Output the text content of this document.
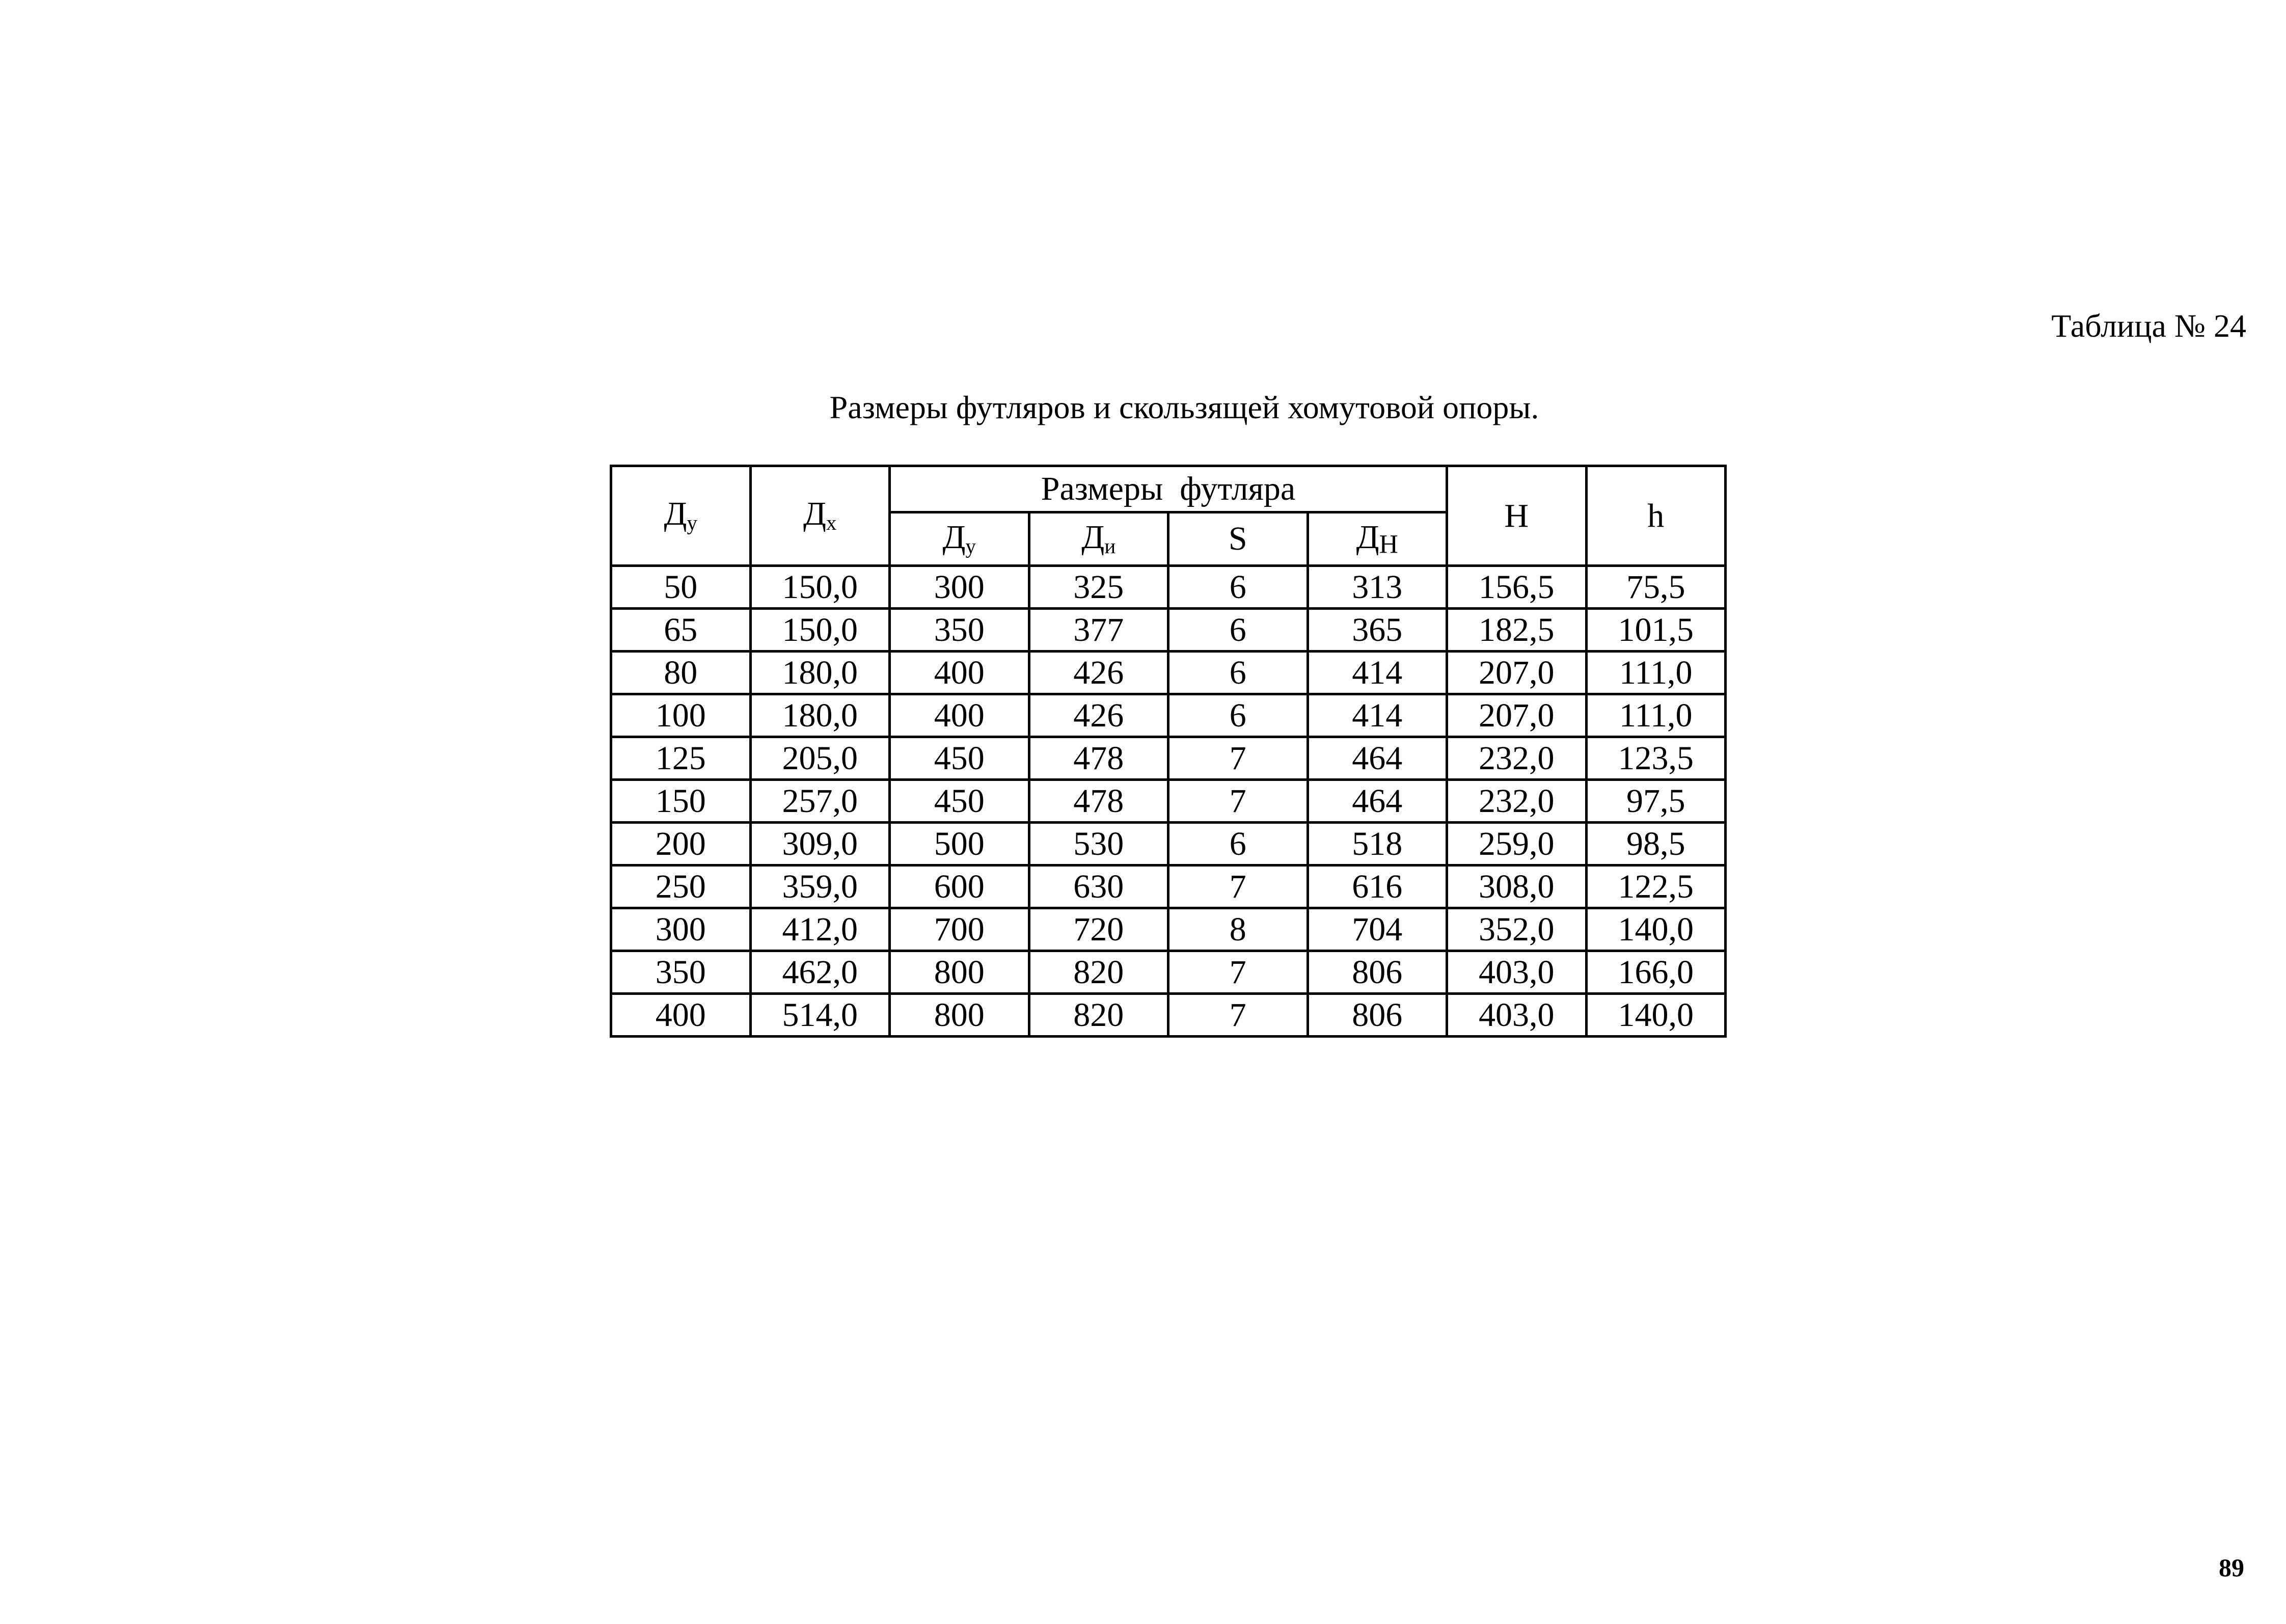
Таблица № 24
Размеры футляров и скользящей хомутовой опоры.
$Д_у$	$Д_х$	Размеры  футляра				H	h
		$Д_у$	$Д_и$	S	ДН		
50	150,0	300	325	6	313	156,5	75,5
65	150,0	350	377	6	365	182,5	101,5
80	180,0	400	426	6	414	207,0	111,0
100	180,0	400	426	6	414	207,0	111,0
125	205,0	450	478	7	464	232,0	123,5
150	257,0	450	478	7	464	232,0	97,5
200	309,0	500	530	6	518	259,0	98,5
250	359,0	600	630	7	616	308,0	122,5
300	412,0	700	720	8	704	352,0	140,0
350	462,0	800	820	7	806	403,0	166,0
400	514,0	800	820	7	806	403,0	140,0
89
